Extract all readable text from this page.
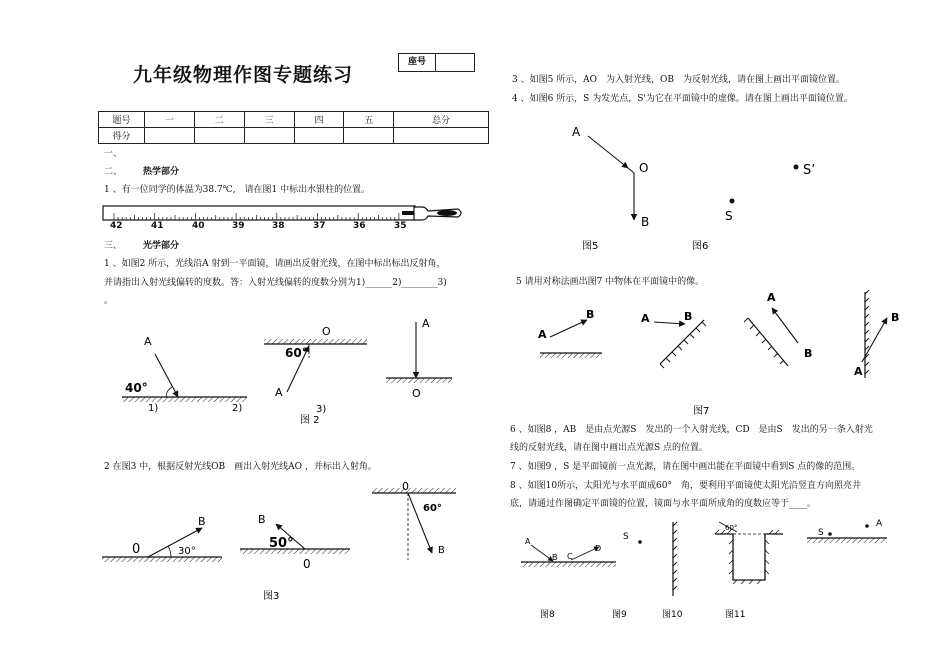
九年级物理作图专题练习
座号
题号	一	二	三	四	五	总分
得分						
一、
二、 热学部分
1 、有一位同学的体温为38.7℃,　请在图1 中标出水银柱的位置。
42	41	40	39	38	37	36	35
三、 光学部分
1 、如图2 所示，光线沿A 射到一平面镜，请画出反射光线，在图中标出标出反射角，
并请指出入射光线偏转的度数。答：入射光线偏转的度数分别为1)______2)________3)
。
A
40°
1)	2)
O
60°
A
3)
A
O
图 2
2 在图3 中，根据反射光线OB　画出入射光线AO ，并标出入射角。
B
0	30°
B
50°
0
0
60°
B
图3
3 、如图5 所示，AO　为入射光线，OB　为反射光线，请在图上画出平面镜位置。
4 、如图6 所示，S 为发光点，S'为它在平面镜中的虚像。请在图上画出平面镜位置。
A
O
B
图5
S’
S
图6
5 请用对称法画出图7 中物体在平面镜中的像。
A
B	A	B
A
B
A
B
图7
6 、如图8 ，AB　是由点光源S　发出的一个入射光线，CD　是由S　发出的另一条入射光
线的反射光线，请在图中画出点光源S 点的位置。
7 、如图9 ，S 是平面镜前一点光源，请在图中画出能在平面镜中看到S 点的像的范围。
8 、如图10所示，太阳光与水平面成60°　角，要利用平面镜使太阳光沿竖直方向照亮井
底，请通过作图确定平面镜的位置，镜面与水平面所成角的度数应等于____。
A
B C
D
图8
S
图9
60°
图10
S
A
图11
